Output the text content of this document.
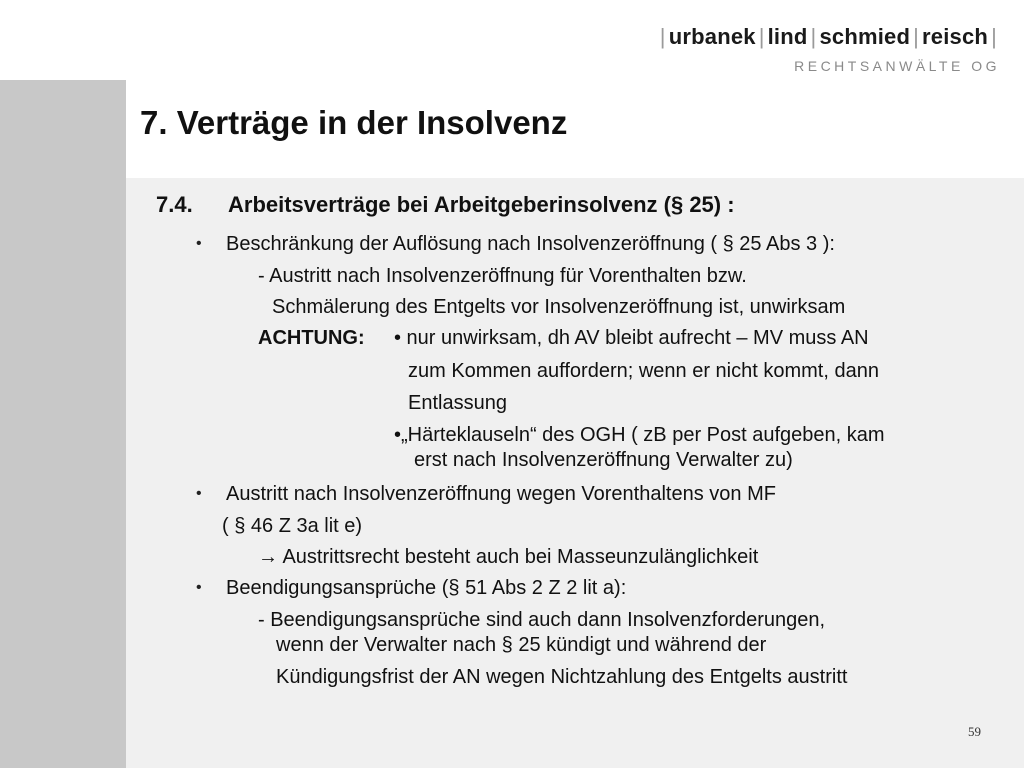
| urbanek | lind | schmied | reisch |
RECHTSANWÄLTE OG
7. Verträge in der Insolvenz
7.4. Arbeitsverträge bei Arbeitgeberinsolvenz (§ 25) :
• Beschränkung der Auflösung nach Insolvenzeröffnung ( § 25 Abs 3 ):
- Austritt nach Insolvenzeröffnung für Vorenthalten bzw.
Schmälerung des Entgelts vor Insolvenzeröffnung ist, unwirksam
ACHTUNG: • nur unwirksam, dh AV bleibt aufrecht – MV muss AN
zum Kommen auffordern; wenn er nicht kommt, dann
Entlassung
•„Härteklauseln“ des OGH ( zB per Post aufgeben, kam
erst nach Insolvenzeröffnung Verwalter zu)
• Austritt nach Insolvenzeröffnung wegen Vorenthaltens von MF
( § 46 Z 3a lit e)
→ Austrittsrecht besteht auch bei Masseunzulänglichkeit
• Beendigungsansprüche (§ 51 Abs 2 Z 2 lit a):
- Beendigungsansprüche sind auch dann Insolvenzforderungen,
wenn der Verwalter nach § 25 kündigt und während der
Kündigungsfrist der AN wegen Nichtzahlung des Entgelts austritt
59
